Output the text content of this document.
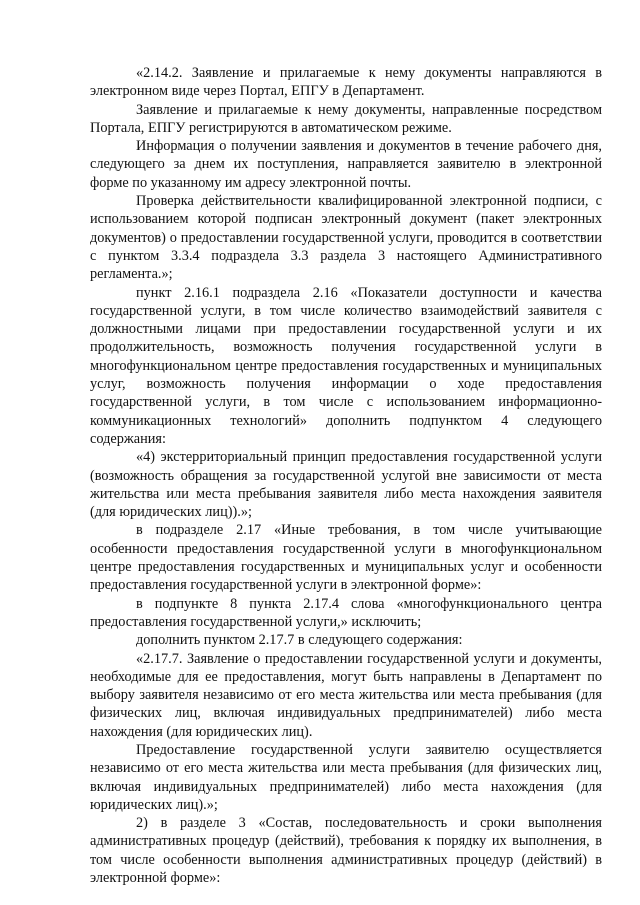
«2.14.2. Заявление и прилагаемые к нему документы направляются в электронном виде через Портал, ЕПГУ в Департамент.

Заявление и прилагаемые к нему документы, направленные посредством Портала, ЕПГУ регистрируются в автоматическом режиме.

Информация о получении заявления и документов в течение рабочего дня, следующего за днем их поступления, направляется заявителю в электронной форме по указанному им адресу электронной почты.

Проверка действительности квалифицированной электронной подписи, с использованием которой подписан электронный документ (пакет электронных документов) о предоставлении государственной услуги, проводится в соответствии с пунктом 3.3.4 подраздела 3.3 раздела 3 настоящего Административного регламента.»;

пункт 2.16.1 подраздела 2.16 «Показатели доступности и качества государственной услуги, в том числе количество взаимодействий заявителя с должностными лицами при предоставлении государственной услуги и их продолжительность, возможность получения государственной услуги в многофункциональном центре предоставления государственных и муниципальных услуг, возможность получения информации о ходе предоставления государственной услуги, в том числе с использованием информационно-коммуникационных технологий» дополнить подпунктом 4 следующего содержания:

«4) экстерриториальный принцип предоставления государственной услуги (возможность обращения за государственной услугой вне зависимости от места жительства или места пребывания заявителя либо места нахождения заявителя (для юридических лиц)).»;

в подразделе 2.17 «Иные требования, в том числе учитывающие особенности предоставления государственной услуги в многофункциональном центре предоставления государственных и муниципальных услуг и особенности предоставления государственной услуги в электронной форме»:

в подпункте 8 пункта 2.17.4 слова «многофункционального центра предоставления государственной услуги,» исключить;

дополнить пунктом 2.17.7 в следующего содержания:

«2.17.7. Заявление о предоставлении государственной услуги и документы, необходимые для ее предоставления, могут быть направлены в Департамент по выбору заявителя независимо от его места жительства или места пребывания (для физических лиц, включая индивидуальных предпринимателей) либо места нахождения (для юридических лиц).

Предоставление государственной услуги заявителю осуществляется независимо от его места жительства или места пребывания (для физических лиц, включая индивидуальных предпринимателей) либо места нахождения (для юридических лиц).»;

2) в разделе 3 «Состав, последовательность и сроки выполнения административных процедур (действий), требования к порядку их выполнения, в том числе особенности выполнения административных процедур (действий) в электронной форме»:
